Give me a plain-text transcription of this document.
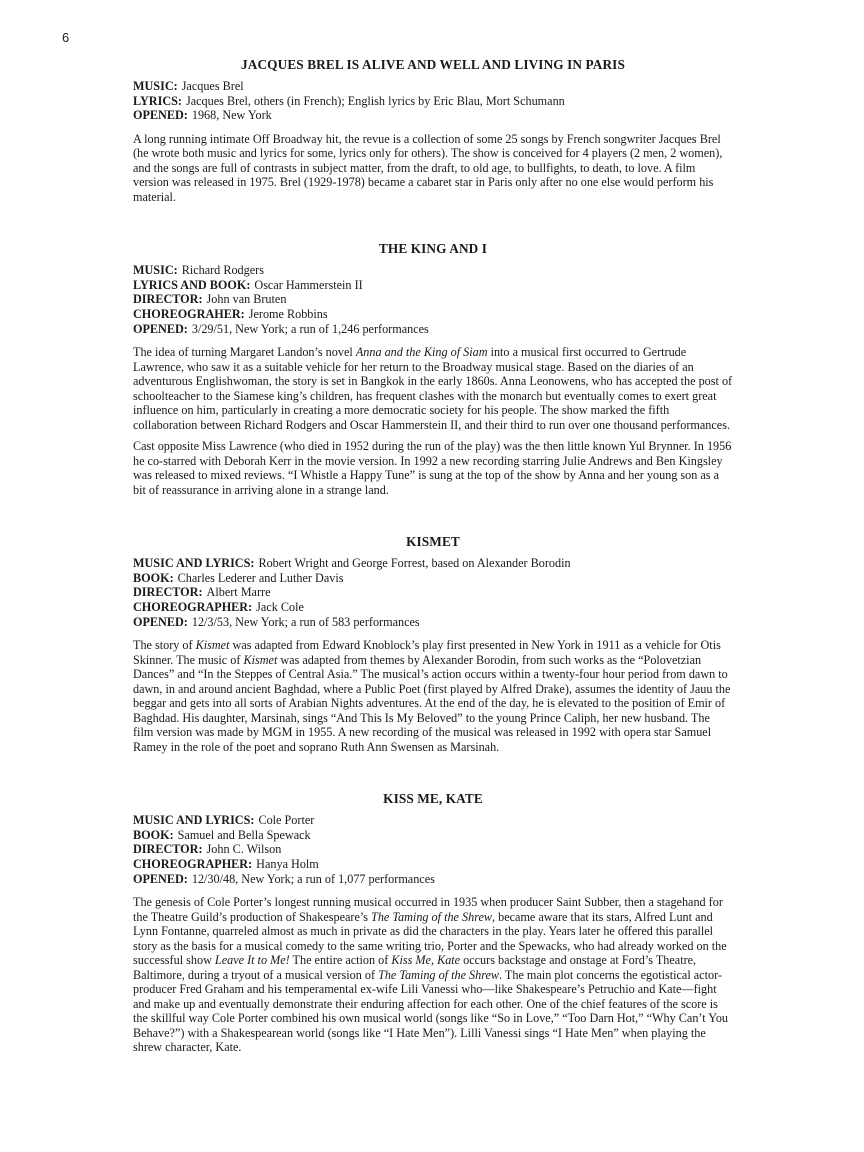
6
JACQUES BREL IS ALIVE AND WELL AND LIVING IN PARIS
MUSIC: Jacques Brel
LYRICS: Jacques Brel, others (in French); English lyrics by Eric Blau, Mort Schumann
OPENED: 1968, New York

A long running intimate Off Broadway hit, the revue is a collection of some 25 songs by French songwriter Jacques Brel (he wrote both music and lyrics for some, lyrics only for others). The show is conceived for 4 players (2 men, 2 women), and the songs are full of contrasts in subject matter, from the draft, to old age, to bullfights, to death, to love. A film version was released in 1975. Brel (1929-1978) became a cabaret star in Paris only after no one else would perform his material.

THE KING AND I
MUSIC: Richard Rodgers
LYRICS AND BOOK: Oscar Hammerstein II
DIRECTOR: John van Bruten
CHOREOGRAHER: Jerome Robbins
OPENED: 3/29/51, New York; a run of 1,246 performances

The idea of turning Margaret Landon’s novel Anna and the King of Siam into a musical first occurred to Gertrude Lawrence, who saw it as a suitable vehicle for her return to the Broadway musical stage. Based on the diaries of an adventurous Englishwoman, the story is set in Bangkok in the early 1860s. Anna Leonowens, who has accepted the post of schoolteacher to the Siamese king’s children, has frequent clashes with the monarch but eventually comes to exert great influence on him, particularly in creating a more democratic society for his people. The show marked the fifth collaboration between Richard Rodgers and Oscar Hammerstein II, and their third to run over one thousand performances.

Cast opposite Miss Lawrence (who died in 1952 during the run of the play) was the then little known Yul Brynner. In 1956 he co-starred with Deborah Kerr in the movie version. In 1992 a new recording starring Julie Andrews and Ben Kingsley was released to mixed reviews. “I Whistle a Happy Tune” is sung at the top of the show by Anna and her young son as a bit of reassurance in arriving alone in a strange land.

KISMET
MUSIC AND LYRICS: Robert Wright and George Forrest, based on Alexander Borodin
BOOK: Charles Lederer and Luther Davis
DIRECTOR: Albert Marre
CHOREOGRAPHER: Jack Cole
OPENED: 12/3/53, New York; a run of 583 performances

The story of Kismet was adapted from Edward Knoblock’s play first presented in New York in 1911 as a vehicle for Otis Skinner. The music of Kismet was adapted from themes by Alexander Borodin, from such works as the “Polovetzian Dances” and “In the Steppes of Central Asia.” The musical’s action occurs within a twenty-four hour period from dawn to dawn, in and around ancient Baghdad, where a Public Poet (first played by Alfred Drake), assumes the identity of Jauu the beggar and gets into all sorts of Arabian Nights adventures. At the end of the day, he is elevated to the position of Emir of Baghdad. His daughter, Marsinah, sings “And This Is My Beloved” to the young Prince Caliph, her new husband. The film version was made by MGM in 1955. A new recording of the musical was released in 1992 with opera star Samuel Ramey in the role of the poet and soprano Ruth Ann Swensen as Marsinah.

KISS ME, KATE
MUSIC AND LYRICS: Cole Porter
BOOK: Samuel and Bella Spewack
DIRECTOR: John C. Wilson
CHOREOGRAPHER: Hanya Holm
OPENED: 12/30/48, New York; a run of 1,077 performances

The genesis of Cole Porter’s longest running musical occurred in 1935 when producer Saint Subber, then a stagehand for the Theatre Guild’s production of Shakespeare’s The Taming of the Shrew, became aware that its stars, Alfred Lunt and Lynn Fontanne, quarreled almost as much in private as did the characters in the play. Years later he offered this parallel story as the basis for a musical comedy to the same writing trio, Porter and the Spewacks, who had already worked on the successful show Leave It to Me! The entire action of Kiss Me, Kate occurs backstage and onstage at Ford’s Theatre, Baltimore, during a tryout of a musical version of The Taming of the Shrew. The main plot concerns the egotistical actor-producer Fred Graham and his temperamental ex-wife Lili Vanessi who—like Shakespeare’s Petruchio and Kate—fight and make up and eventually demonstrate their enduring affection for each other. One of the chief features of the score is the skillful way Cole Porter combined his own musical world (songs like “So in Love,” “Too Darn Hot,” “Why Can’t You Behave?”) with a Shakespearean world (songs like “I Hate Men”). Lilli Vanessi sings “I Hate Men” when playing the shrew character, Kate.
